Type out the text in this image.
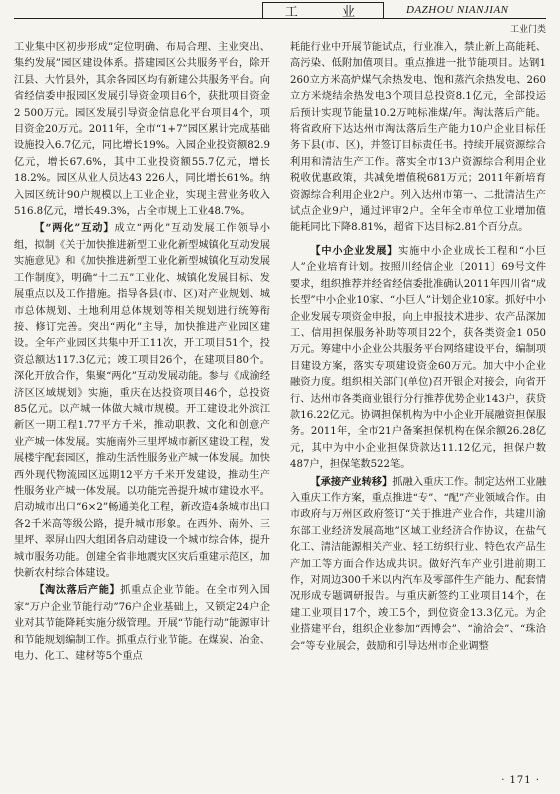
工 业	DAZHOU NIANJIAN
工业门类

工业集中区初步形成”定位明确、布局合理、主业突出、集约发展”园区建设体系。搭建园区公共服务平台，除开江县、大竹县外，其余各园区均有新建公共服务平台。向省经信委申报园区发展引导资金项目6个，获批项目资金2 500万元。园区发展引导资金信息化平台项目4个，项目资金20万元。2011年，全市“1+7”园区累计完成基础设施投入6.7亿元，同比增长19%。入园企业投资额82.9亿元，增长67.6%，其中工业投资额55.7亿元，增长18.2%。园区从业人员达43 226人，同比增长61%。纳入园区统计90户规模以上工业企业，实现主营业务收入516.8亿元，增长49.3%，占全市规上工业48.7%。

【“两化”互动】成立“两化”互动发展工作领导小组，拟制《关于加快推进新型工业化新型城镇化互动发展实施意见》和《加快推进新型工业化新型城镇化互动发展工作制度》，明确“十二五”工业化、城镇化发展目标、发展重点以及工作措施。指导各县(市、区)对产业规划、城市总体规划、土地利用总体规划等相关规划进行统筹衔接、修订完善。突出“两化”主导，加快推进产业园区建设。全年产业园区共集中开工11次，开工项目51个，投资总额达117.3亿元；竣工项目26个，在建项目80个。深化开放合作，集聚“两化”互动发展动能。参与《成渝经济区区域规划》实施，重庆在达投资项目46个，总投资85亿元。以产城一体做大城市规模。开工建设北外滨江新区一期工程1.77平方千米，推动职教、文化和创意产业产城一体发展。实施南外三里坪城市新区建设工程，发展楼宇配套园区，推动生活性服务业产城一体发展。加快西外现代物流园区远期12平方千米开发建设，推动生产性服务业产城一体发展。以功能完善提升城市建设水平。启动城市出口“6×2”畅通美化工程，新改造4条城市出口各2千米高等级公路，提升城市形象。在西外、南外、三里坪、翠屏山四大组团各启动建设一个城市综合体，提升城市服务功能。创建全省非地震灾区灾后重建示范区，加快新农村综合体建设。

【淘汰落后产能】抓重点企业节能。在全市列入国家“万户企业节能行动”76户企业基础上，又锁定24户企业对其节能降耗实施分级管理。开展“节能行动”能源审计和节能规划编制工作。抓重点行业节能。在煤炭、冶金、电力、化工、建材等5个重点

耗能行业中开展节能试点，行业准入，禁止新上高能耗、高污染、低附加值项目。重点推进一批节能项目。达钢1 260立方米高炉煤气余热发电、饱和蒸汽余热发电、260立方米烧结余热发电3个项目总投资8.1亿元，全部投运后预计实现节能量10.2万吨标准煤/年。淘汰落后产能。将省政府下达达州市淘汰落后生产能力10户企业目标任务下县(市、区)，并签订目标责任书。持续开展资源综合利用和清洁生产工作。落实全市13户资源综合利用企业税收优惠政策，共减免增值税681万元；2011年新培育资源综合利用企业2户。列入达州市第一、二批清洁生产试点企业9户，通过评审2户。全年全市单位工业增加值能耗同比下降8.81%，超省下达目标2.81个百分点。

【中小企业发展】实施中小企业成长工程和“小巨人”企业培育计划。按照川经信企业〔2011〕69号文件要求，组织推荐并经省经信委批准确认2011年四川省“成长型”中小企业10家、“小巨人”计划企业10家。抓好中小企业发展专项资金申报，向上申报技术进步、农产品深加工、信用担保服务补助等项目22个，获各类资金1 050万元。筹建中小企业公共服务平台网络建设平台，编制项目建设方案，落实专项建设资金60万元。加大中小企业融资力度。组织相关部门(单位)召开银企对接会，向省开行、达州市各类商业银行分行推荐优势企业143户，获贷款16.22亿元。协调担保机构为中小企业开展融资担保服务。2011年，全市21户备案担保机构在保余额26.28亿元，其中为中小企业担保贷款达11.12亿元，担保户数487户，担保笔数522笔。

【承接产业转移】抓融入重庆工作。制定达州工业融入重庆工作方案，重点推进“专”、“配”产业领域合作。由市政府与万州区政府签订“关于推进产业合作，共建川渝东部工业经济发展高地”区域工业经济合作协议，在盐气化工、清洁能源相关产业、轻工纺织行业、特色农产品生产加工等方面合作达成共识。做好汽车产业引进前期工作，对周边300千米以内汽车及零部件生产能力、配套情况形成专题调研报告。与重庆新签约工业项目14个，在建工业项目17个，竣工5个，到位资金13.3亿元。为企业搭建平台，组织企业参加“西博会”、“渝洽会”、“珠洽会”等专业展会，鼓励和引导达州市企业调整

· 171 ·
